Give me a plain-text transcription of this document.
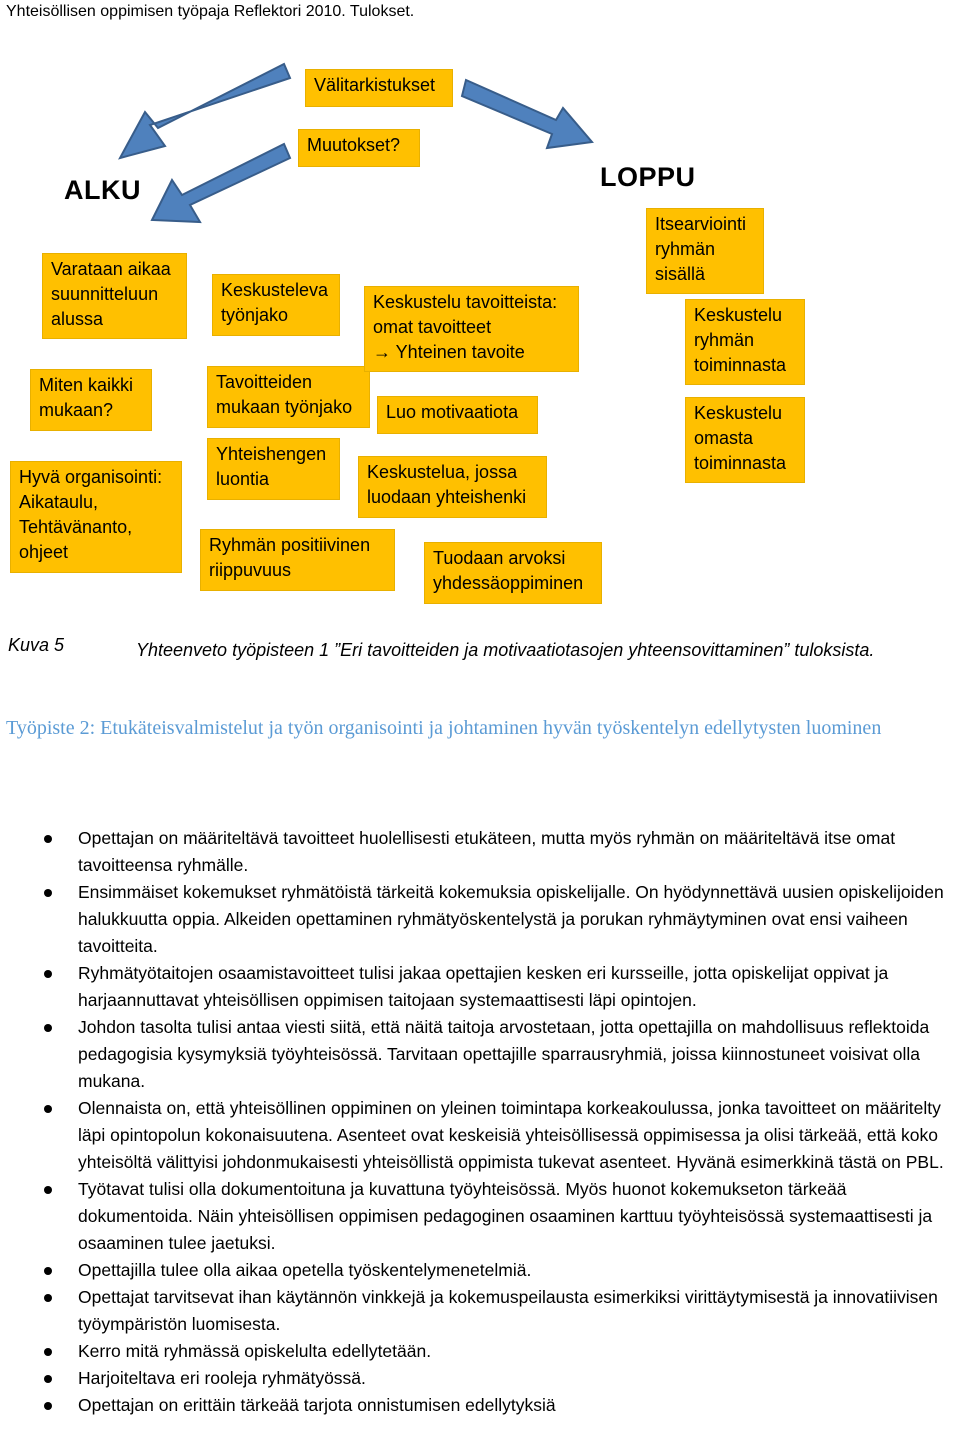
Yhteisöllisen oppimisen työpaja Reflektori 2010. Tulokset.
ALKU	LOPPU
Välitarkistukset
Muutokset?
Varataan aikaa
suunnitteluun
alussa
Miten kaikki
mukaan?
Hyvä organisointi:
Aikataulu,
Tehtävänanto,
ohjeet
Keskusteleva
työnjako
Tavoitteiden
mukaan työnjako
Yhteishengen
luontia
Ryhmän positiivinen
riippuvuus
Keskustelu tavoitteista:
omat tavoitteet
→ Yhteinen tavoite
Luo motivaatiota
Keskustelua, jossa
luodaan yhteishenki
Tuodaan arvoksi
yhdessäoppiminen
Itsearviointi
ryhmän
sisällä
Keskustelu
ryhmän
toiminnasta
Keskustelu
omasta
toiminnasta
Kuva 5	Yhteenveto työpisteen 1 ”Eri tavoitteiden ja motivaatiotasojen yhteensovittaminen” tuloksista.
Työpiste 2: Etukäteisvalmistelut ja työn organisointi ja johtaminen hyvän työskentelyn edellytysten luominen
Opettajan on määriteltävä tavoitteet huolellisesti etukäteen, mutta myös ryhmän on määriteltävä itse omat tavoitteensa ryhmälle.
Ensimmäiset kokemukset ryhmätöistä tärkeitä kokemuksia opiskelijalle. On hyödynnettävä uusien opiskelijoiden halukkuutta oppia. Alkeiden opettaminen ryhmätyöskentelystä ja porukan ryhmäytyminen ovat ensi vaiheen tavoitteita.
Ryhmätyötaitojen osaamistavoitteet tulisi jakaa opettajien kesken eri kursseille, jotta opiskelijat oppivat ja harjaannuttavat yhteisöllisen oppimisen taitojaan systemaattisesti läpi opintojen.
Johdon tasolta tulisi antaa viesti siitä, että näitä taitoja arvostetaan, jotta opettajilla on mahdollisuus reflektoida pedagogisia kysymyksiä työyhteisössä. Tarvitaan opettajille sparrausryhmiä, joissa kiinnostuneet voisivat olla mukana.
Olennaista on, että yhteisöllinen oppiminen on yleinen toimintapa korkeakoulussa, jonka tavoitteet on määritelty läpi opintopolun kokonaisuutena. Asenteet ovat keskeisiä yhteisöllisessä oppimisessa ja olisi tärkeää, että koko yhteisöltä välittyisi johdonmukaisesti yhteisöllistä oppimista tukevat asenteet. Hyvänä esimerkkinä tästä on PBL.
Työtavat tulisi olla dokumentoituna ja kuvattuna työyhteisössä. Myös huonot kokemukseton tärkeää dokumentoida. Näin yhteisöllisen oppimisen pedagoginen osaaminen karttuu työyhteisössä systemaattisesti ja osaaminen tulee jaetuksi.
Opettajilla tulee olla aikaa opetella työskentelymenetelmiä.
Opettajat tarvitsevat ihan käytännön vinkkejä ja kokemuspeilausta esimerkiksi virittäytymisestä ja innovatiivisen työympäristön luomisesta.
Kerro mitä ryhmässä opiskelulta edellytetään.
Harjoiteltava eri rooleja ryhmätyössä.
Opettajan on erittäin tärkeää tarjota onnistumisen edellytyksiä
